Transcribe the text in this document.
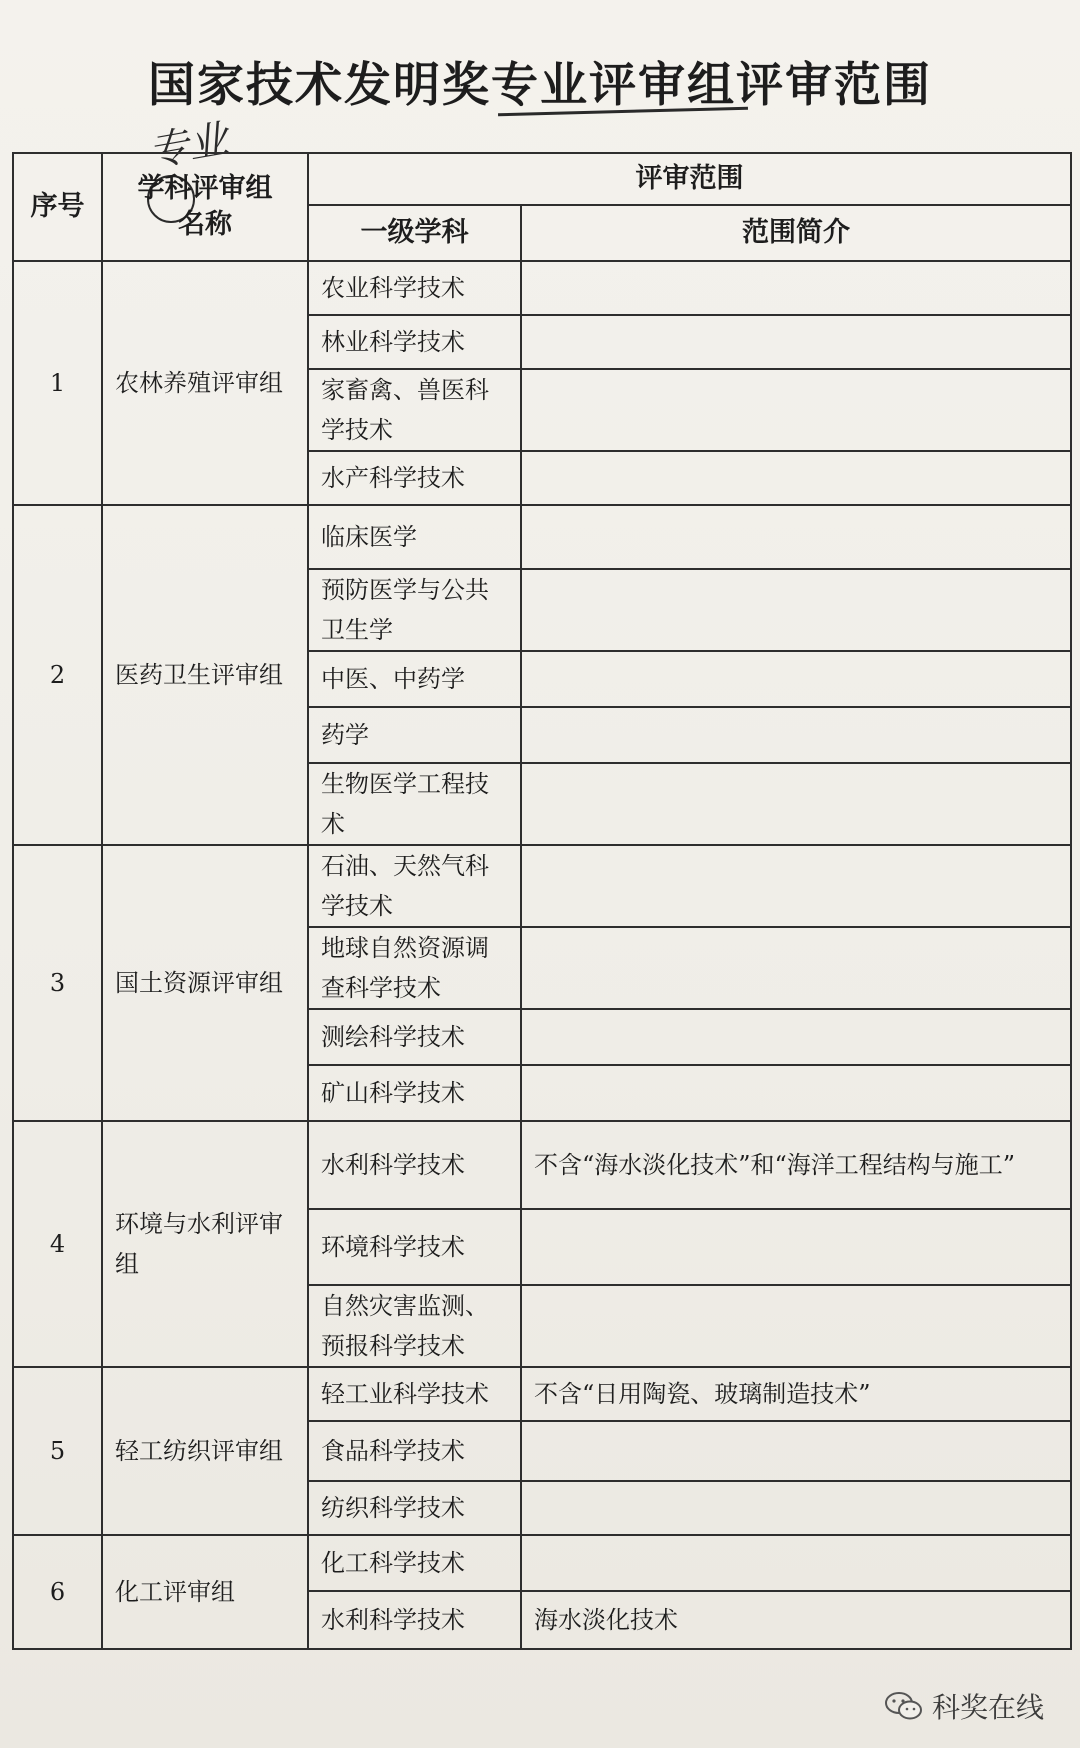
国家技术发明奖专业评审组评审范围
专业
序号	学科评审组名称	评审范围	
		一级学科	范围简介
1	农林养殖评审组	农业科学技术	
		林业科学技术	
		家畜禽、兽医科学技术	
		水产科学技术	
2	医药卫生评审组	临床医学	
		预防医学与公共卫生学	
		中医、中药学	
		药学	
		生物医学工程技术	
3	国土资源评审组	石油、天然气科学技术	
		地球自然资源调查科学技术	
		测绘科学技术	
		矿山科学技术	
4	环境与水利评审组	水利科学技术	不含“海水淡化技术”和“海洋工程结构与施工”
		环境科学技术	
		自然灾害监测、预报科学技术	
5	轻工纺织评审组	轻工业科学技术	不含“日用陶瓷、玻璃制造技术”
		食品科学技术	
		纺织科学技术	
6	化工评审组	化工科学技术	
		水利科学技术	海水淡化技术
科奖在线
